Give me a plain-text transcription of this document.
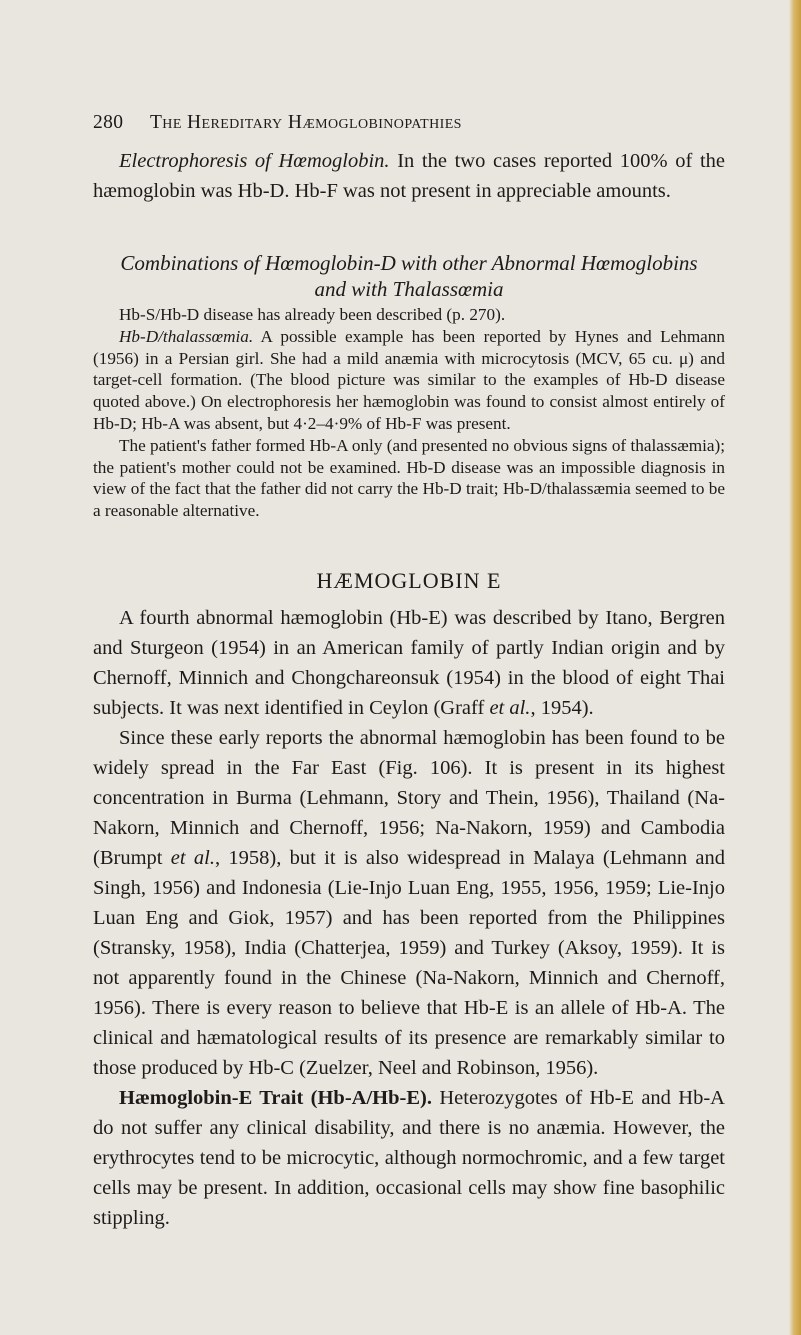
280 The Hereditary Hæmoglobinopathies

Electrophoresis of Hœmoglobin. In the two cases reported 100% of the hæmoglobin was Hb-D. Hb-F was not present in appreciable amounts.

Combinations of Hœmoglobin-D with other Abnormal Hœmoglobins
and with Thalassœmia

Hb-S/Hb-D disease has already been described (p. 270).

Hb-D/thalassœmia. A possible example has been reported by Hynes and Lehmann (1956) in a Persian girl. She had a mild anæmia with microcytosis (MCV, 65 cu. μ) and target-cell formation. (The blood picture was similar to the examples of Hb-D disease quoted above.) On electrophoresis her hæmoglobin was found to consist almost entirely of Hb-D; Hb-A was absent, but 4·2–4·9% of Hb-F was present.

The patient's father formed Hb-A only (and presented no obvious signs of thalassæmia); the patient's mother could not be examined. Hb-D disease was an impossible diagnosis in view of the fact that the father did not carry the Hb-D trait; Hb-D/thalassæmia seemed to be a reasonable alternative.

HÆMOGLOBIN E

A fourth abnormal hæmoglobin (Hb-E) was described by Itano, Bergren and Sturgeon (1954) in an American family of partly Indian origin and by Chernoff, Minnich and Chongchareonsuk (1954) in the blood of eight Thai subjects. It was next identified in Ceylon (Graff et al., 1954).

Since these early reports the abnormal hæmoglobin has been found to be widely spread in the Far East (Fig. 106). It is present in its highest concentration in Burma (Lehmann, Story and Thein, 1956), Thailand (Na-Nakorn, Minnich and Chernoff, 1956; Na-Nakorn, 1959) and Cambodia (Brumpt et al., 1958), but it is also widespread in Malaya (Lehmann and Singh, 1956) and Indonesia (Lie-Injo Luan Eng, 1955, 1956, 1959; Lie-Injo Luan Eng and Giok, 1957) and has been reported from the Philippines (Stransky, 1958), India (Chatterjea, 1959) and Turkey (Aksoy, 1959). It is not apparently found in the Chinese (Na-Nakorn, Minnich and Chernoff, 1956). There is every reason to believe that Hb-E is an allele of Hb-A. The clinical and hæmatological results of its presence are remarkably similar to those produced by Hb-C (Zuelzer, Neel and Robinson, 1956).

Hæmoglobin-E Trait (Hb-A/Hb-E). Heterozygotes of Hb-E and Hb-A do not suffer any clinical disability, and there is no anæmia. However, the erythrocytes tend to be microcytic, although normochromic, and a few target cells may be present. In addition, occasional cells may show fine basophilic stippling.
